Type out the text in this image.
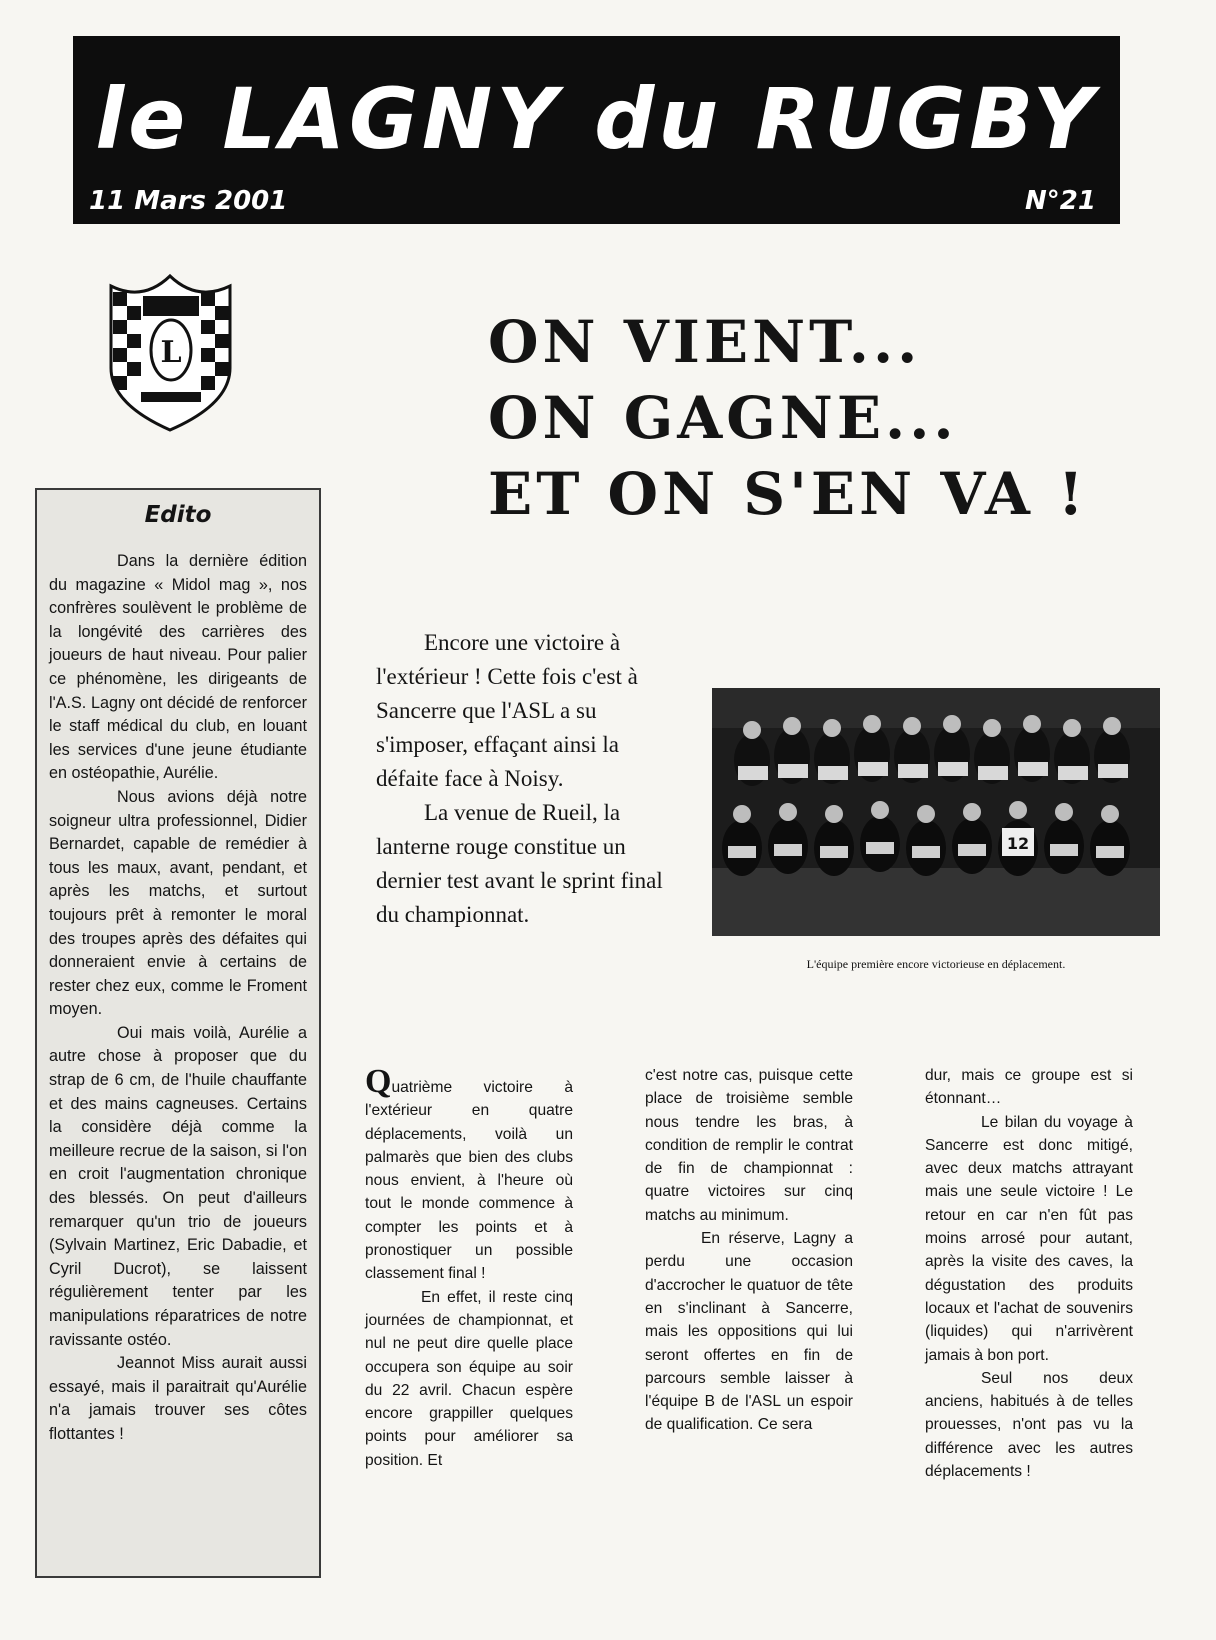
le LAGNY du RUGBY
11 Mars 2001	N°21
L	ON VIENT...
ON GAGNE...
ET ON S'EN VA !
Edito

Dans la dernière édition du magazine « Midol mag », nos confrères soulèvent le problème de la longévité des carrières des joueurs de haut niveau. Pour palier ce phénomène, les dirigeants de l'A.S. Lagny ont décidé de renforcer le staff médical du club, en louant les services d'une jeune étudiante en ostéopathie, Aurélie.

Nous avions déjà notre soigneur ultra professionnel, Didier Bernardet, capable de remédier à tous les maux, avant, pendant, et après les matchs, et surtout toujours prêt à remonter le moral des troupes après des défaites qui donneraient envie à certains de rester chez eux, comme le Froment moyen.

Oui mais voilà, Aurélie a autre chose à proposer que du strap de 6 cm, de l'huile chauffante et des mains cagneuses. Certains la considère déjà comme la meilleure recrue de la saison, si l'on en croit l'augmentation chronique des blessés. On peut d'ailleurs remarquer qu'un trio de joueurs (Sylvain Martinez, Eric Dabadie, et Cyril Ducrot), se laissent régulièrement tenter par les manipulations réparatrices de notre ravissante ostéo.

Jeannot Miss aurait aussi essayé, mais il paraitrait qu'Aurélie n'a jamais trouver ses côtes flottantes !

Encore une victoire à l'extérieur ! Cette fois c'est à Sancerre que l'ASL a su s'imposer, effaçant ainsi la défaite face à Noisy.

La venue de Rueil, la lanterne rouge constitue un dernier test avant le sprint final du championnat.

12
L'équipe première encore victorieuse en déplacement.

Quatrième victoire à l'extérieur en quatre déplacements, voilà un palmarès que bien des clubs nous envient, à l'heure où tout le monde commence à compter les points et à pronostiquer un possible classement final !

En effet, il reste cinq journées de championnat, et nul ne peut dire quelle place occupera son équipe au soir du 22 avril. Chacun espère encore grappiller quelques points pour améliorer sa position. Et

c'est notre cas, puisque cette place de troisième semble nous tendre les bras, à condition de remplir le contrat de fin de championnat : quatre victoires sur cinq matchs au minimum.

En réserve, Lagny a perdu une occasion d'accrocher le quatuor de tête en s'inclinant à Sancerre, mais les oppositions qui lui seront offertes en fin de parcours semble laisser à l'équipe B de l'ASL un espoir de qualification. Ce sera

dur, mais ce groupe est si étonnant…

Le bilan du voyage à Sancerre est donc mitigé, avec deux matchs attrayant mais une seule victoire ! Le retour en car n'en fût pas moins arrosé pour autant, après la visite des caves, la dégustation des produits locaux et l'achat de souvenirs (liquides) qui n'arrivèrent jamais à bon port.

Seul nos deux anciens, habitués à de telles prouesses, n'ont pas vu la différence avec les autres déplacements !
